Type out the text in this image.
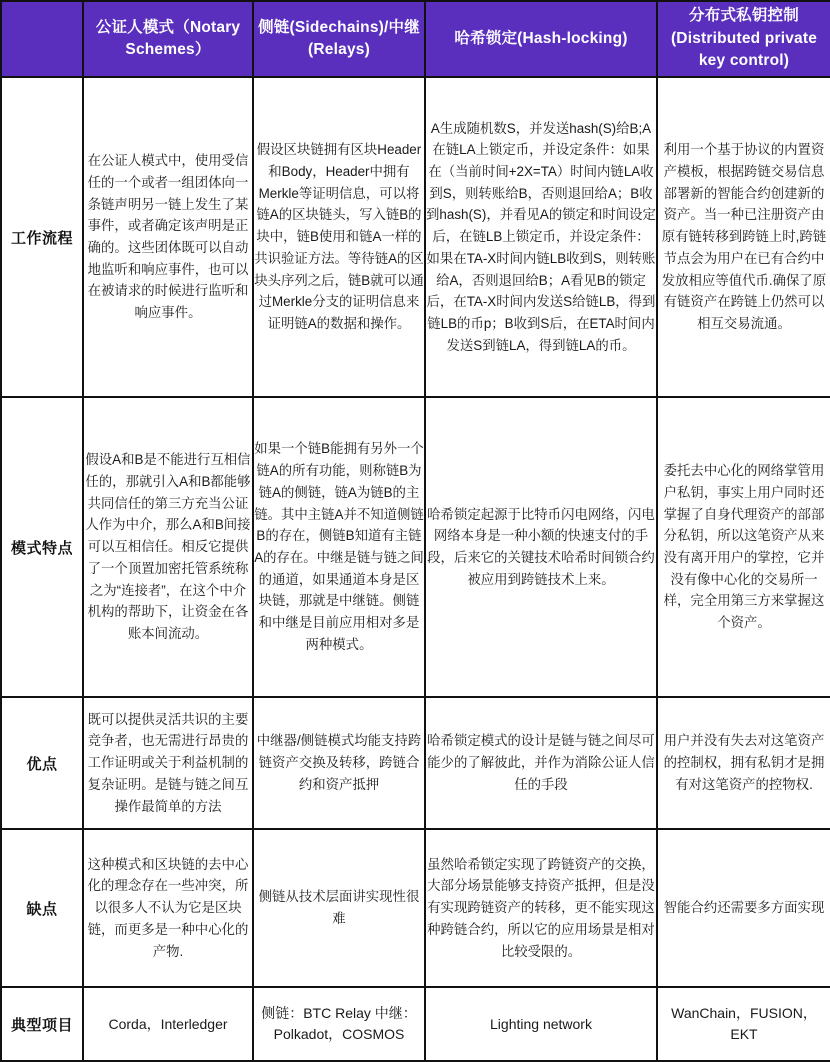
	公证人模式（Notary Schemes）	侧链(Sidechains)/中继(Relays)	哈希锁定(Hash-locking)	分布式私钥控制(Distributed private key control)
工作流程	在公证人模式中，使用受信任的一个或者一组团体向一条链声明另一链上发生了某事件，或者确定该声明是正确的。这些团体既可以自动地监听和响应事件，也可以在被请求的时候进行监听和响应事件。	假设区块链拥有区块Header和Body，Header中拥有Merkle等证明信息，可以将链A的区块链头，写入链B的块中，链B使用和链A一样的共识验证方法。等待链A的区块头序列之后，链B就可以通过Merkle分支的证明信息来证明链A的数据和操作。	A生成随机数S，并发送hash(S)给B;A在链LA上锁定币，并设定条件：如果在（当前时间+2X=TA）时间内链LA收到S，则转账给B，否则退回给A；B收到hash(S)，并看见A的锁定和时间设定后，在链LB上锁定币，并设定条件：如果在TA-X时间内链LB收到S，则转账给A，否则退回给B；A看见B的锁定后，在TA-X时间内发送S给链LB，得到链LB的币p；B收到S后，在ETA时间内发送S到链LA，得到链LA的币。	利用一个基于协议的内置资产模板，根据跨链交易信息部署新的智能合约创建新的资产。当一种已注册资产由原有链转移到跨链上时,跨链节点会为用户在已有合约中发放相应等值代币.确保了原有链资产在跨链上仍然可以相互交易流通。
模式特点	假设A和B是不能进行互相信任的，那就引入A和B都能够共同信任的第三方充当公证人作为中介，那么A和B间接可以互相信任。相反它提供了一个顶置加密托管系统称之为“连接者”，在这个中介机构的帮助下，让资金在各账本间流动。	如果一个链B能拥有另外一个链A的所有功能，则称链B为链A的侧链，链A为链B的主链。其中主链A并不知道侧链B的存在，侧链B知道有主链A的存在。中继是链与链之间的通道，如果通道本身是区块链，那就是中继链。侧链和中继是目前应用相对多是两种模式。	哈希锁定起源于比特币闪电网络，闪电网络本身是一种小额的快速支付的手段，后来它的关键技术哈希时间锁合约被应用到跨链技术上来。	委托去中心化的网络掌管用户私钥，事实上用户同时还掌握了自身代理资产的部部分私钥，所以这笔资产从来没有离开用户的掌控，它并没有像中心化的交易所一样，完全用第三方来掌握这个资产。
优点	既可以提供灵活共识的主要竞争者，也无需进行昂贵的工作证明或关于利益机制的复杂证明。是链与链之间互操作最简单的方法	中继器/侧链模式均能支持跨链资产交换及转移，跨链合约和资产抵押	哈希锁定模式的设计是链与链之间尽可能少的了解彼此，并作为消除公证人信任的手段	用户并没有失去对这笔资产的控制权，拥有私钥才是拥有对这笔资产的控物权.
缺点	这种模式和区块链的去中心化的理念存在一些冲突，所以很多人不认为它是区块链，而更多是一种中心化的产物.	侧链从技术层面讲实现性很难	虽然哈希锁定实现了跨链资产的交换，大部分场景能够支持资产抵押，但是没有实现跨链资产的转移，更不能实现这种跨链合约，所以它的应用场景是相对比较受限的。	智能合约还需要多方面实现
典型项目	Corda，Interledger	侧链：BTC Relay 中继：Polkadot，COSMOS	Lighting network	WanChain，FUSION，EKT
